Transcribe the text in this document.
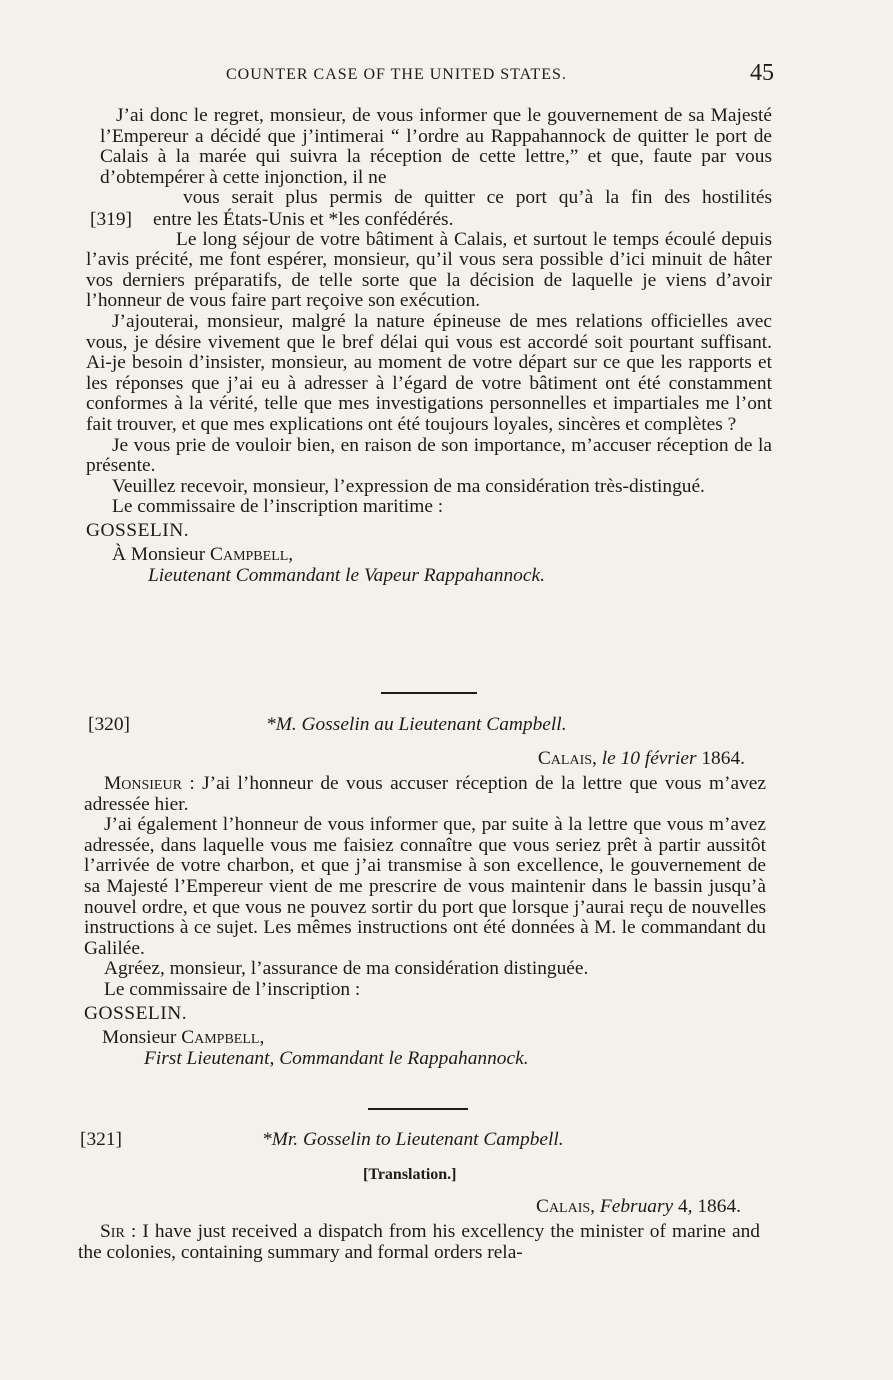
COUNTER CASE OF THE UNITED STATES.	45

J’ai donc le regret, monsieur, de vous informer que le gouvernement de sa Majesté l’Empereur a décidé que j’intimerai “ l’ordre au Rappahannock de quitter le port de Calais à la marée qui suivra la réception de cette lettre,” et que, faute par vous d’obtempérer à cette injonction, il ne

vous serait plus permis de quitter ce port qu’à la fin des hostilités

[319] entre les États-Unis et *les confédérés.

Le long séjour de votre bâtiment à Calais, et surtout le temps écoulé depuis l’avis précité, me font espérer, monsieur, qu’il vous sera possible d’ici minuit de hâter vos derniers préparatifs, de telle sorte que la décision de laquelle je viens d’avoir l’honneur de vous faire part reçoive son exécution.

J’ajouterai, monsieur, malgré la nature épineuse de mes relations officielles avec vous, je désire vivement que le bref délai qui vous est accordé soit pourtant suffisant. Ai-je besoin d’insister, monsieur, au moment de votre départ sur ce que les rapports et les réponses que j’ai eu à adresser à l’égard de votre bâtiment ont été constamment conformes à la vérité, telle que mes investigations personnelles et impartiales me l’ont fait trouver, et que mes explications ont été toujours loyales, sincères et complètes ?

Je vous prie de vouloir bien, en raison de son importance, m’accuser réception de la présente.

Veuillez recevoir, monsieur, l’expression de ma considération très-distingué.

Le commissaire de l’inscription maritime :

GOSSELIN.

À Monsieur Campbell,

Lieutenant Commandant le Vapeur Rappahannock.

[320]	*M. Gosselin au Lieutenant Campbell.
Calais, le 10 février 1864.

Monsieur : J’ai l’honneur de vous accuser réception de la lettre que vous m’avez adressée hier.

J’ai également l’honneur de vous informer que, par suite à la lettre que vous m’avez adressée, dans laquelle vous me faisiez connaître que vous seriez prêt à partir aussitôt l’arrivée de votre charbon, et que j’ai transmise à son excellence, le gouvernement de sa Majesté l’Empereur vient de me prescrire de vous maintenir dans le bassin jusqu’à nouvel ordre, et que vous ne pouvez sortir du port que lorsque j’aurai reçu de nouvelles instructions à ce sujet. Les mêmes instructions ont été données à M. le commandant du Galilée.

Agréez, monsieur, l’assurance de ma considération distinguée.

Le commissaire de l’inscription :

GOSSELIN.

Monsieur Campbell,

First Lieutenant, Commandant le Rappahannock.

[321]	*Mr. Gosselin to Lieutenant Campbell.
[Translation.]
Calais, February 4, 1864.

Sir : I have just received a dispatch from his excellency the minister of marine and the colonies, containing summary and formal orders rela-
